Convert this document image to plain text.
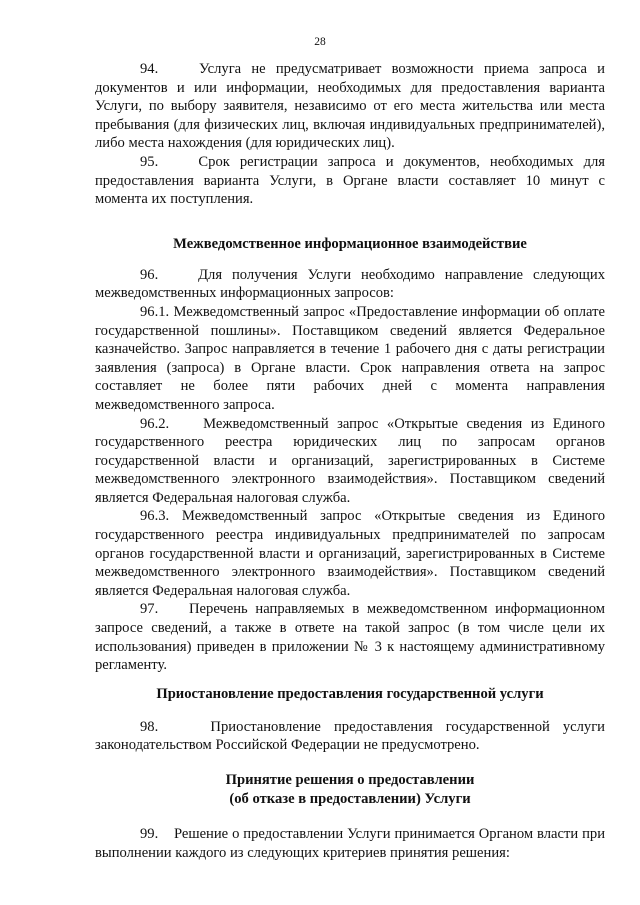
28

94.    Услуга не предусматривает возможности приема запроса и документов и или информации, необходимых для предоставления варианта Услуги, по выбору заявителя, независимо от его места жительства или места пребывания (для физических лиц, включая индивидуальных предпринимателей), либо места нахождения (для юридических лиц).

95.    Срок регистрации запроса и документов, необходимых для предоставления варианта Услуги, в Органе власти составляет 10 минут с момента их поступления.

Межведомственное информационное взаимодействие

96.    Для получения Услуги необходимо направление следующих межведомственных информационных запросов:

96.1. Межведомственный запрос «Предоставление информации об оплате государственной пошлины». Поставщиком сведений является Федеральное казначейство. Запрос направляется в течение 1 рабочего дня с даты регистрации заявления (запроса) в Органе власти. Срок направления ответа на запрос составляет не более пяти рабочих дней с момента направления межведомственного запроса.

96.2.    Межведомственный запрос «Открытые сведения из Единого государственного реестра юридических лиц по запросам органов государственной власти и организаций, зарегистрированных в Системе межведомственного электронного взаимодействия». Поставщиком сведений является Федеральная налоговая служба.

96.3. Межведомственный запрос «Открытые сведения из Единого государственного реестра индивидуальных предпринимателей по запросам органов государственной власти и организаций, зарегистрированных в Системе межведомственного электронного взаимодействия». Поставщиком сведений является Федеральная налоговая служба.

97.    Перечень направляемых в межведомственном информационном запросе сведений, а также в ответе на такой запрос (в том числе цели их использования) приведен в приложении № 3 к настоящему административному регламенту.

Приостановление предоставления государственной услуги

98.    Приостановление предоставления государственной услуги законодательством Российской Федерации не предусмотрено.

Принятие решения о предоставлении
(об отказе в предоставлении) Услуги

99.    Решение о предоставлении Услуги принимается Органом власти при выполнении каждого из следующих критериев принятия решения:
